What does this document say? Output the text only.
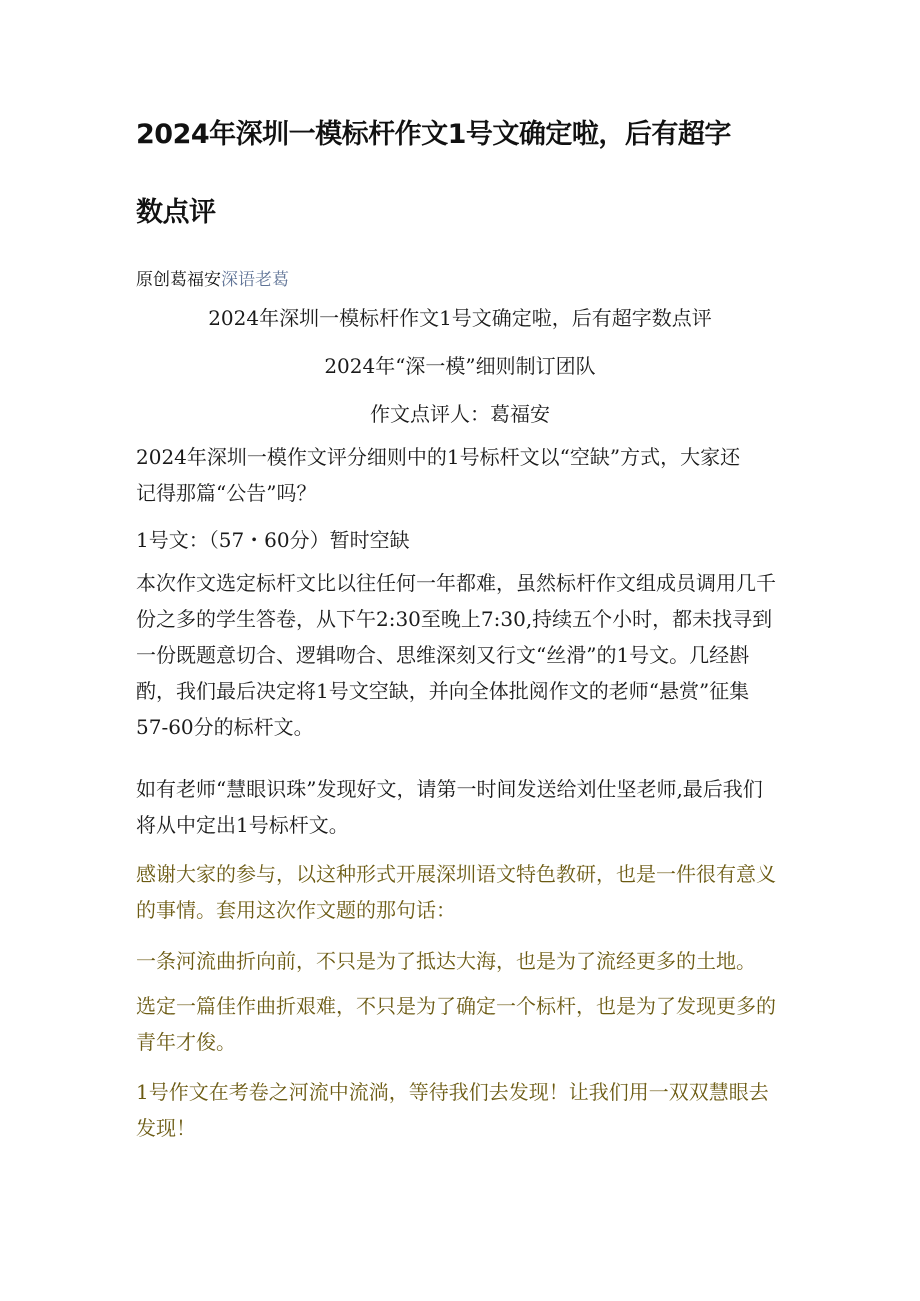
2024年深圳一模标杆作文1号文确定啦，后有超字
数点评
原创葛福安深语老葛
2024年深圳一模标杆作文1号文确定啦，后有超字数点评
2024年“深一模”细则制订团队
作文点评人：葛福安

2024年深圳一模作文评分细则中的1号标杆文以“空缺”方式，大家还
记得那篇“公告”吗？

1号文：（57・60分）暂时空缺

本次作文选定标杆文比以往任何一年都难，虽然标杆作文组成员调用几千
份之多的学生答卷，从下午2:30至晚上7:30,持续五个小时，都未找寻到
一份既题意切合、逻辑吻合、思维深刻又行文“丝滑”的1号文。几经斟
酌，我们最后决定将1号文空缺，并向全体批阅作文的老师“悬赏”征集
57-60分的标杆文。

如有老师“慧眼识珠”发现好文，请第一时间发送给刘仕坚老师,最后我们
将从中定出1号标杆文。

感谢大家的参与，以这种形式开展深圳语文特色教研，也是一件很有意义
的事情。套用这次作文题的那句话：

一条河流曲折向前，不只是为了抵达大海，也是为了流经更多的土地。

选定一篇佳作曲折艰难，不只是为了确定一个标杆，也是为了发现更多的
青年才俊。

1号作文在考卷之河流中流淌，等待我们去发现！让我们用一双双慧眼去
发现！
